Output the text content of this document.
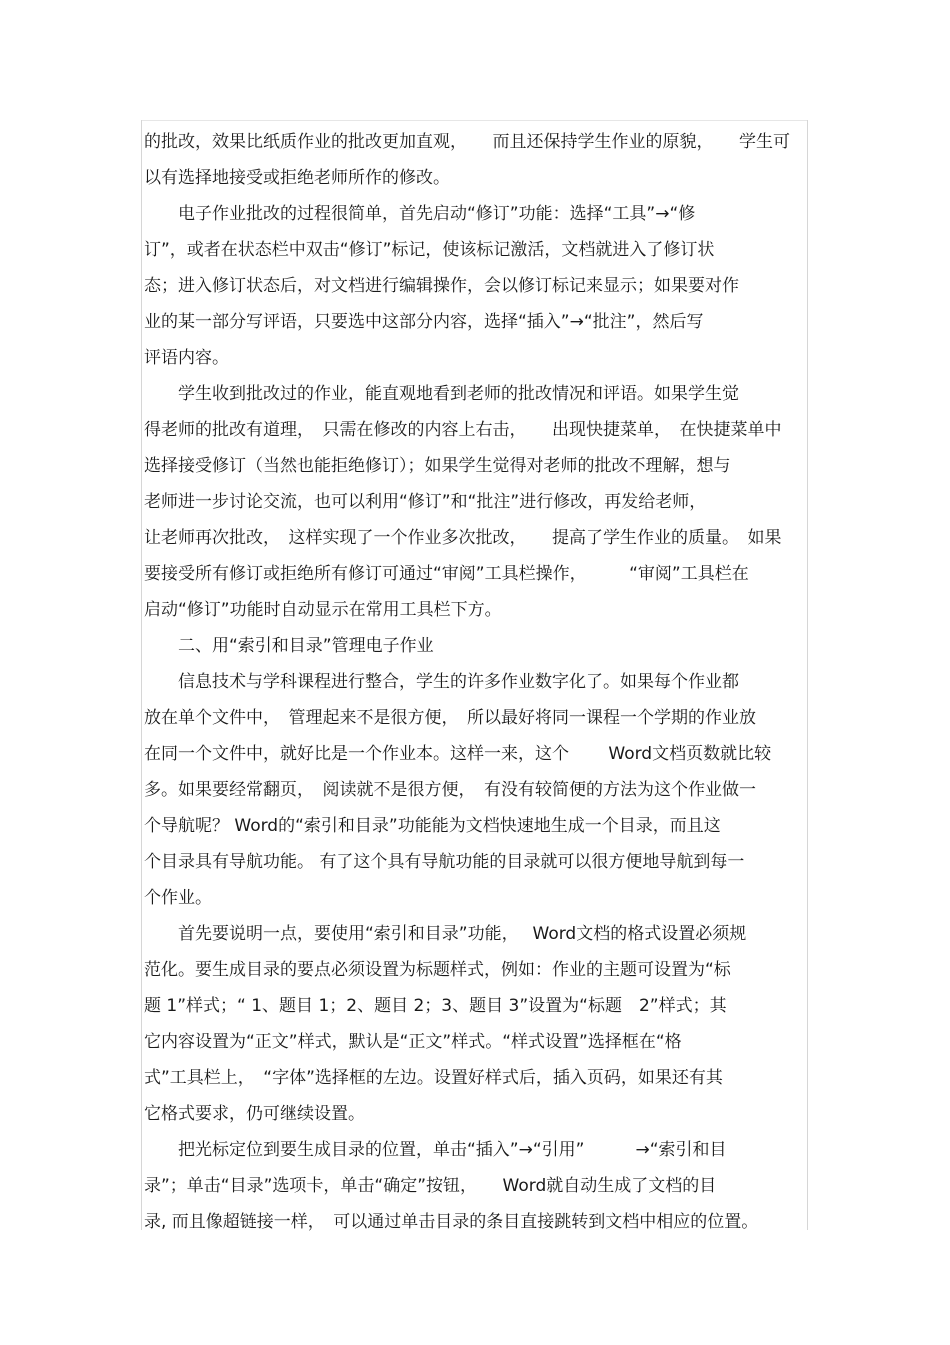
的批改，效果比纸质作业的批改更加直观，　　而且还保持学生作业的原貌，　　学生可
以有选择地接受或拒绝老师所作的修改。
电子作业批改的过程很简单，首先启动“修订”功能：选择“工具”→“修
订”，或者在状态栏中双击“修订”标记，使该标记激活，文档就进入了修订状
态；进入修订状态后，对文档进行编辑操作，会以修订标记来显示；如果要对作
业的某一部分写评语，只要选中这部分内容，选择“插入”→“批注”，然后写
评语内容。
学生收到批改过的作业，能直观地看到老师的批改情况和评语。如果学生觉
得老师的批改有道理，　只需在修改的内容上右击，　　出现快捷菜单，　在快捷菜单中
选择接受修订（当然也能拒绝修订）；如果学生觉得对老师的批改不理解，想与
老师进一步讨论交流，也可以利用“修订”和“批注”进行修改，再发给老师，
让老师再次批改，　这样实现了一个作业多次批改，　　提高了学生作业的质量。　如果
要接受所有修订或拒绝所有修订可通过“审阅”工具栏操作，　　　“审阅”工具栏在
启动“修订”功能时自动显示在常用工具栏下方。
二、用“索引和目录”管理电子作业
信息技术与学科课程进行整合，学生的许多作业数字化了。如果每个作业都
放在单个文件中，　管理起来不是很方便，　所以最好将同一课程一个学期的作业放
在同一个文件中，就好比是一个作业本。这样一来，这个　　 Word文档页数就比较
多。如果要经常翻页，　阅读就不是很方便，　有没有较简便的方法为这个作业做一
个导航呢？ Word的“索引和目录”功能能为文档快速地生成一个目录，而且这
个目录具有导航功能。 有了这个具有导航功能的目录就可以很方便地导航到每一
个作业。
首先要说明一点，要使用“索引和目录”功能，　 Word文档的格式设置必须规
范化。要生成目录的要点必须设置为标题样式，例如：作业的主题可设置为“标
题 1”样式；“ 1、题目 1；2、题目 2；3、题目 3”设置为“标题　2”样式；其
它内容设置为“正文”样式，默认是“正文”样式。“样式设置”选择框在“格
式”工具栏上，　“字体”选择框的左边。设置好样式后，插入页码，如果还有其
它格式要求，仍可继续设置。
把光标定位到要生成目录的位置，单击“插入”→“引用”　　　→“索引和目
录”；单击“目录”选项卡，单击“确定”按钮，　　Word就自动生成了文档的目
录, 而且像超链接一样，　可以通过单击目录的条目直接跳转到文档中相应的位置。
